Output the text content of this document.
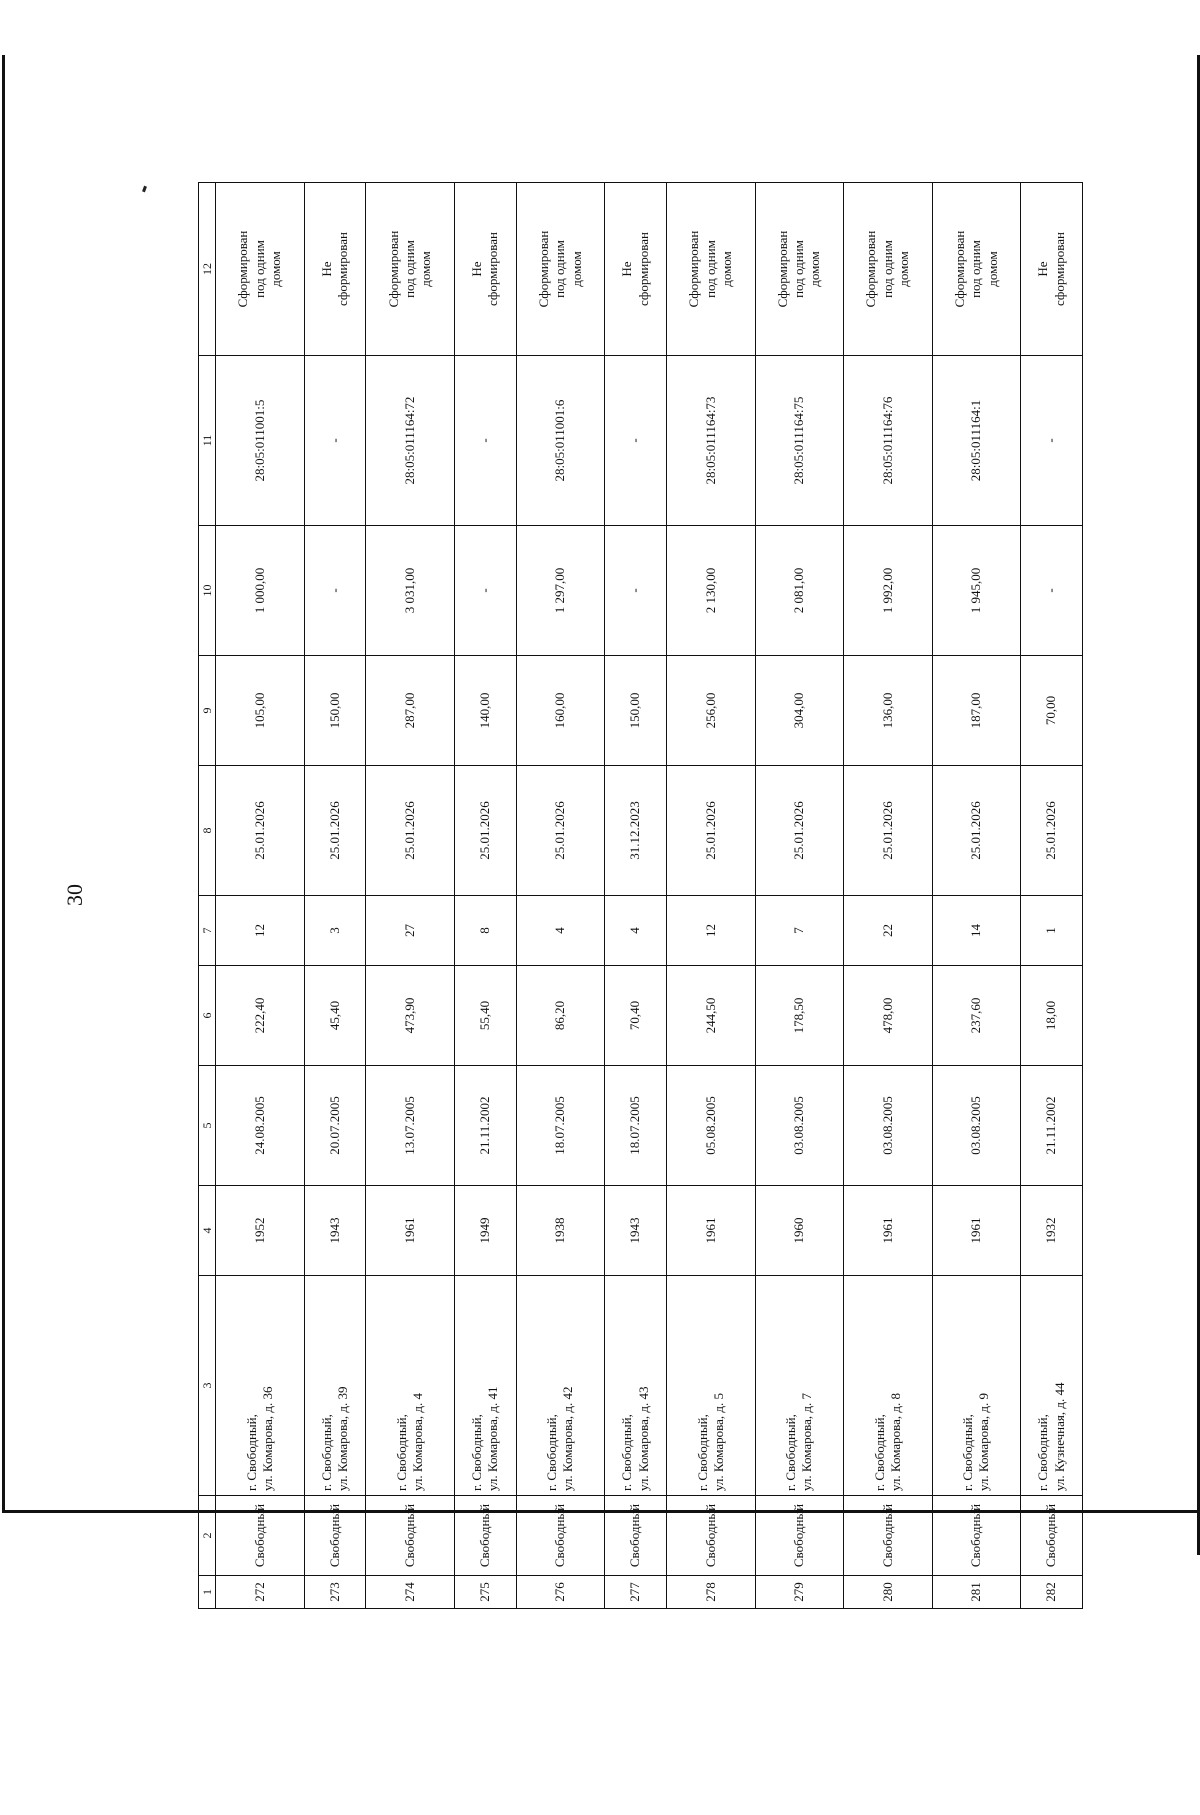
30
1	2	3	4	5	6	7	8	9	10	11	12
272	Свободный	г. Свободный,
ул. Комарова, д. 36	1952	24.08.2005	222,40	12	25.01.2026	105,00	1 000,00	28:05:011001:5	Сформирован
под одним
домом
273	Свободный	г. Свободный,
ул. Комарова, д. 39	1943	20.07.2005	45,40	3	25.01.2026	150,00	-	-	Не
сформирован

274	Свободный	г. Свободный,
ул. Комарова, д. 4	1961	13.07.2005	473,90	27	25.01.2026	287,00	3 031,00	28:05:011164:72	Сформирован
под одним
домом
275	Свободный	г. Свободный,
ул. Комарова, д. 41	1949	21.11.2002	55,40	8	25.01.2026	140,00	-	-	Не
сформирован

276	Свободный	г. Свободный,
ул. Комарова, д. 42	1938	18.07.2005	86,20	4	25.01.2026	160,00	1 297,00	28:05:011001:6	Сформирован
под одним
домом
277	Свободный	г. Свободный,
ул. Комарова, д. 43	1943	18.07.2005	70,40	4	31.12.2023	150,00	-	-	Не
сформирован

278	Свободный	г. Свободный,
ул. Комарова, д. 5	1961	05.08.2005	244,50	12	25.01.2026	256,00	2 130,00	28:05:011164:73	Сформирован
под одним
домом
279	Свободный	г. Свободный,
ул. Комарова, д. 7	1960	03.08.2005	178,50	7	25.01.2026	304,00	2 081,00	28:05:011164:75	Сформирован
под одним
домом
280	Свободный	г. Свободный,
ул. Комарова, д. 8	1961	03.08.2005	478,00	22	25.01.2026	136,00	1 992,00	28:05:011164:76	Сформирован
под одним
домом
281	Свободный	г. Свободный,
ул. Комарова, д. 9	1961	03.08.2005	237,60	14	25.01.2026	187,00	1 945,00	28:05:011164:1	Сформирован
под одним
домом
282	Свободный	г. Свободный,
ул. Кузнечная, д. 44	1932	21.11.2002	18,00	1	25.01.2026	70,00	-	-	Не
сформирован
